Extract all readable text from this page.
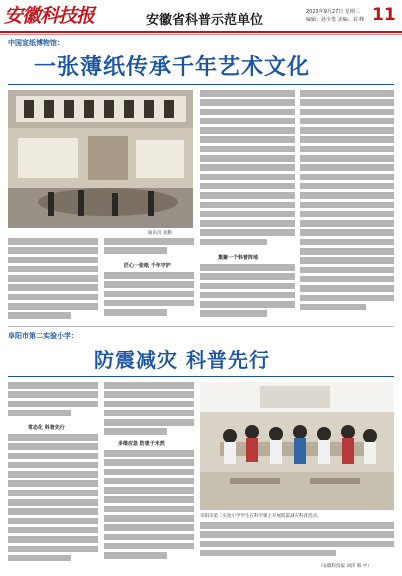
安徽科技报	安徽省科普示范单位
2023年9月27日 星期三
编辑：孙少勇 美编：刘 峰 11
中国宣纸博物馆：
一张薄纸传承千年艺术文化
通讯员 张勤
匠心一张纸 千年守护
集聚一个科普阵地
阜阳市第二实验小学：
防震减灾 科普先行
常态化 科普先行
多维应急 防患于未然
阜阳市第二实验小学学生在科学课上开展防震减灾科普活动。
（安徽科技报 刘洋 韩 中）
